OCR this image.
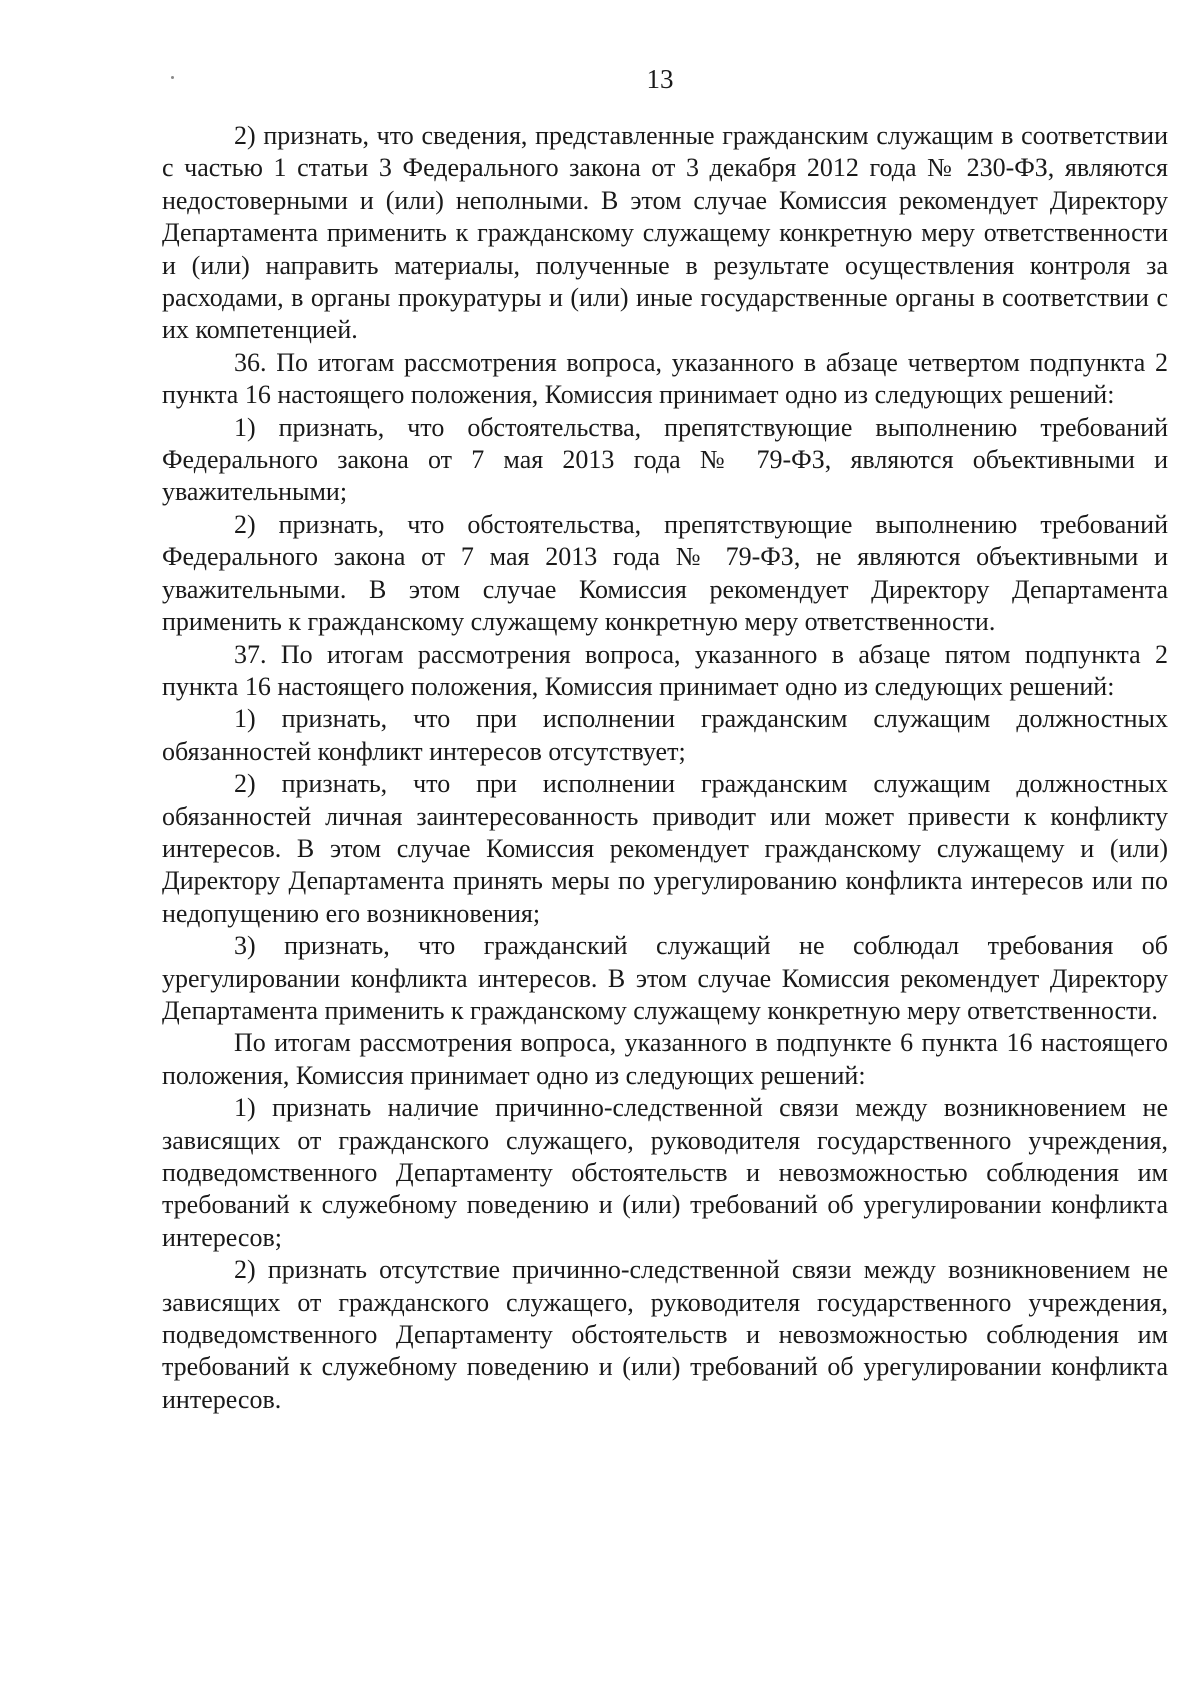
13

2) признать, что сведения, представленные гражданским служащим в соответствии с частью 1 статьи 3 Федерального закона от 3 декабря 2012 года № 230-ФЗ, являются недостоверными и (или) неполными. В этом случае Комиссия рекомендует Директору Департамента применить к гражданскому служащему конкретную меру ответственности и (или) направить материалы, полученные в результате осуществления контроля за расходами, в органы прокуратуры и (или) иные государственные органы в соответствии с их компетенцией.

36. По итогам рассмотрения вопроса, указанного в абзаце четвертом подпункта 2 пункта 16 настоящего положения, Комиссия принимает одно из следующих решений:

1) признать, что обстоятельства, препятствующие выполнению требований Федерального закона от 7 мая 2013 года № 79-ФЗ, являются объективными и уважительными;

2) признать, что обстоятельства, препятствующие выполнению требований Федерального закона от 7 мая 2013 года № 79-ФЗ, не являются объективными и уважительными. В этом случае Комиссия рекомендует Директору Департамента применить к гражданскому служащему конкретную меру ответственности.

37. По итогам рассмотрения вопроса, указанного в абзаце пятом подпункта 2 пункта 16 настоящего положения, Комиссия принимает одно из следующих решений:

1) признать, что при исполнении гражданским служащим должностных обязанностей конфликт интересов отсутствует;

2) признать, что при исполнении гражданским служащим должностных обязанностей личная заинтересованность приводит или может привести к конфликту интересов. В этом случае Комиссия рекомендует гражданскому служащему и (или) Директору Департамента принять меры по урегулированию конфликта интересов или по недопущению его возникновения;

3) признать, что гражданский служащий не соблюдал требования об урегулировании конфликта интересов. В этом случае Комиссия рекомендует Директору Департамента применить к гражданскому служащему конкретную меру ответственности.

По итогам рассмотрения вопроса, указанного в подпункте 6 пункта 16 настоящего положения, Комиссия принимает одно из следующих решений:

1) признать наличие причинно-следственной связи между возникновением не зависящих от гражданского служащего, руководителя государственного учреждения, подведомственного Департаменту обстоятельств и невозможностью соблюдения им требований к служебному поведению и (или) требований об урегулировании конфликта интересов;

2) признать отсутствие причинно-следственной связи между возникновением не зависящих от гражданского служащего, руководителя государственного учреждения, подведомственного Департаменту обстоятельств и невозможностью соблюдения им требований к служебному поведению и (или) требований об урегулировании конфликта интересов.
